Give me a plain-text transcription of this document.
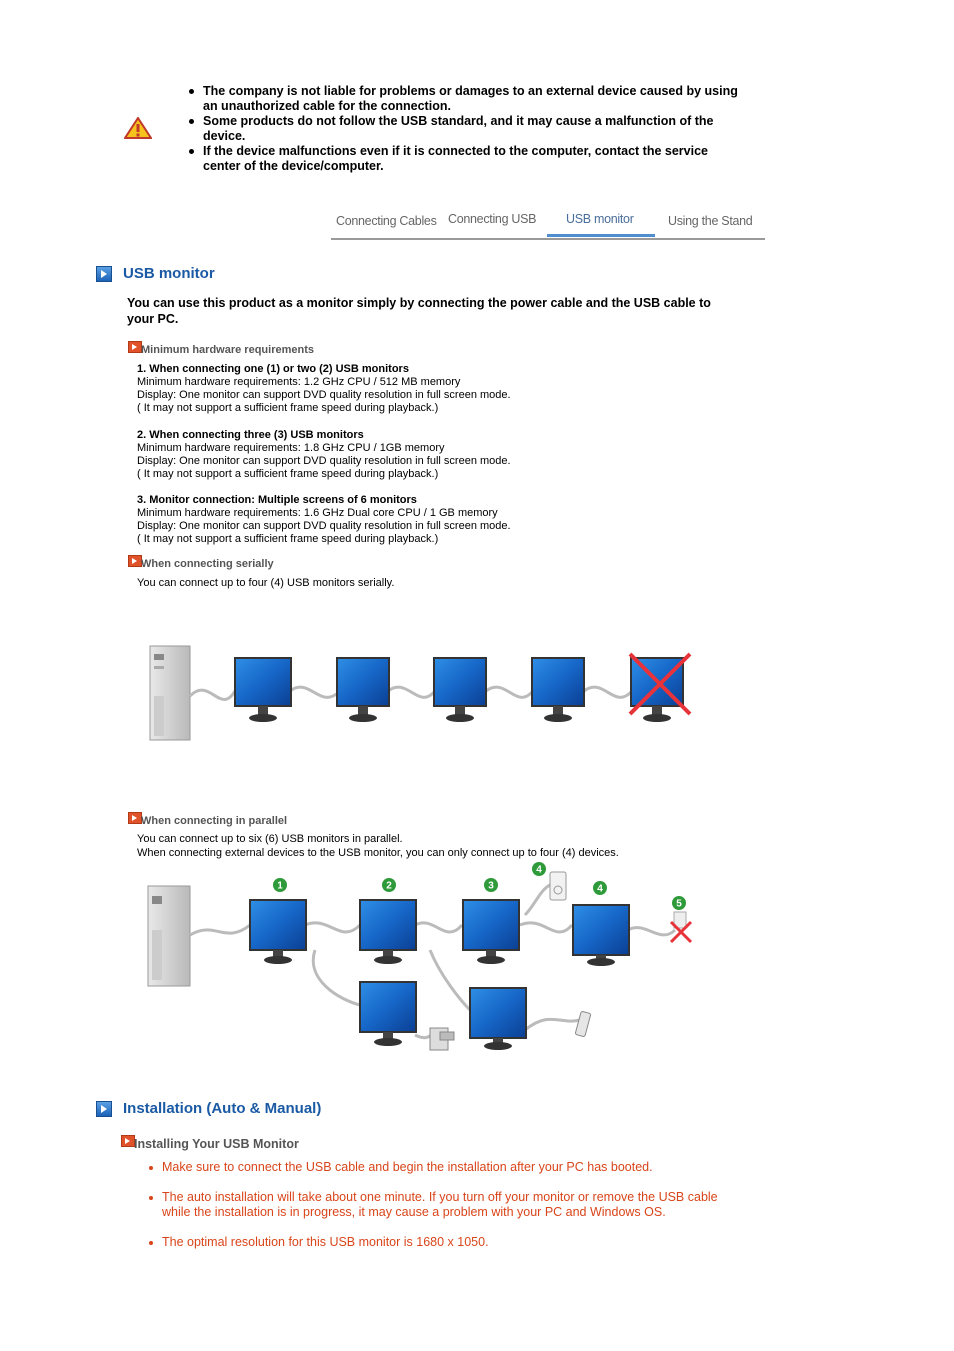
The company is not liable for problems or damages to an external device caused by using an unauthorized cable for the connection.
Some products do not follow the USB standard, and it may cause a malfunction of the device.
If the device malfunctions even if it is connected to the computer, contact the service center of the device/computer.
Connecting Cables Connecting USB USB monitor	Using the Stand
USB monitor
You can use this product as a monitor simply by connecting the power cable and the USB cable to your PC.
Minimum hardware requirements
1. When connecting one (1) or two (2) USB monitors
Minimum hardware requirements: 1.2 GHz CPU / 512 MB memory
Display: One monitor can support DVD quality resolution in full screen mode.
( It may not support a sufficient frame speed during playback.)
2. When connecting three (3) USB monitors
Minimum hardware requirements: 1.8 GHz CPU / 1GB memory
Display: One monitor can support DVD quality resolution in full screen mode.
( It may not support a sufficient frame speed during playback.)
3. Monitor connection: Multiple screens of 6 monitors
Minimum hardware requirements: 1.6 GHz Dual core CPU / 1 GB memory
Display: One monitor can support DVD quality resolution in full screen mode.
( It may not support a sufficient frame speed during playback.)
When connecting serially
You can connect up to four (4) USB monitors serially.
When connecting in parallel
You can connect up to six (6) USB monitors in parallel.
When connecting external devices to the USB monitor, you can only connect up to four (4) devices.
1	2	3
4
4
5
Installation (Auto & Manual)
Installing Your USB Monitor
Make sure to connect the USB cable and begin the installation after your PC has booted.
The auto installation will take about one minute. If you turn off your monitor or remove the USB cable while the installation is in progress, it may cause a problem with your PC and Windows OS.
The optimal resolution for this USB monitor is 1680 x 1050.
